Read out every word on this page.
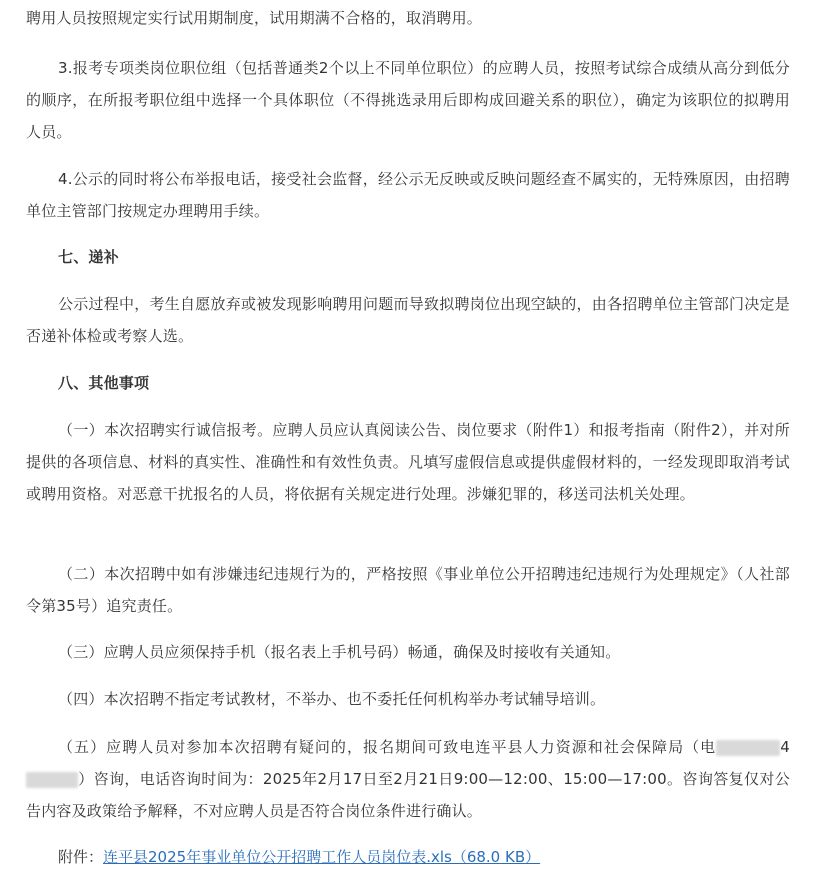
聘用人员按照规定实行试用期制度，试用期满不合格的，取消聘用。

3.报考专项类岗位职位组（包括普通类2个以上不同单位职位）的应聘人员，按照考试综合成绩从高分到低分的顺序，在所报考职位组中选择一个具体职位（不得挑选录用后即构成回避关系的职位），确定为该职位的拟聘用人员。

4.公示的同时将公布举报电话，接受社会监督，经公示无反映或反映问题经查不属实的，无特殊原因，由招聘单位主管部门按规定办理聘用手续。

七、递补

公示过程中，考生自愿放弃或被发现影响聘用问题而导致拟聘岗位出现空缺的，由各招聘单位主管部门决定是否递补体检或考察人选。

八、其他事项

（一）本次招聘实行诚信报考。应聘人员应认真阅读公告、岗位要求（附件1）和报考指南（附件2），并对所提供的各项信息、材料的真实性、准确性和有效性负责。凡填写虚假信息或提供虚假材料的，一经发现即取消考试或聘用资格。对恶意干扰报名的人员，将依据有关规定进行处理。涉嫌犯罪的，移送司法机关处理。

（二）本次招聘中如有涉嫌违纪违规行为的，严格按照《事业单位公开招聘违纪违规行为处理规定》（人社部令第35号）追究责任。

（三）应聘人员应须保持手机（报名表上手机号码）畅通，确保及时接收有关通知。

（四）本次招聘不指定考试教材，不举办、也不委托任何机构举办考试辅导培训。

（五）应聘人员对参加本次招聘有疑问的，报名期间可致电连平县人力资源和社会保障局（电	4）咨询，电话咨询时间为：2025年2月17日至2月21日9:00—12:00、15:00—17:00。咨询答复仅对公告内容及政策给予解释，不对应聘人员是否符合岗位条件进行确认。

附件：连平县2025年事业单位公开招聘工作人员岗位表.xls（68.0 KB）
